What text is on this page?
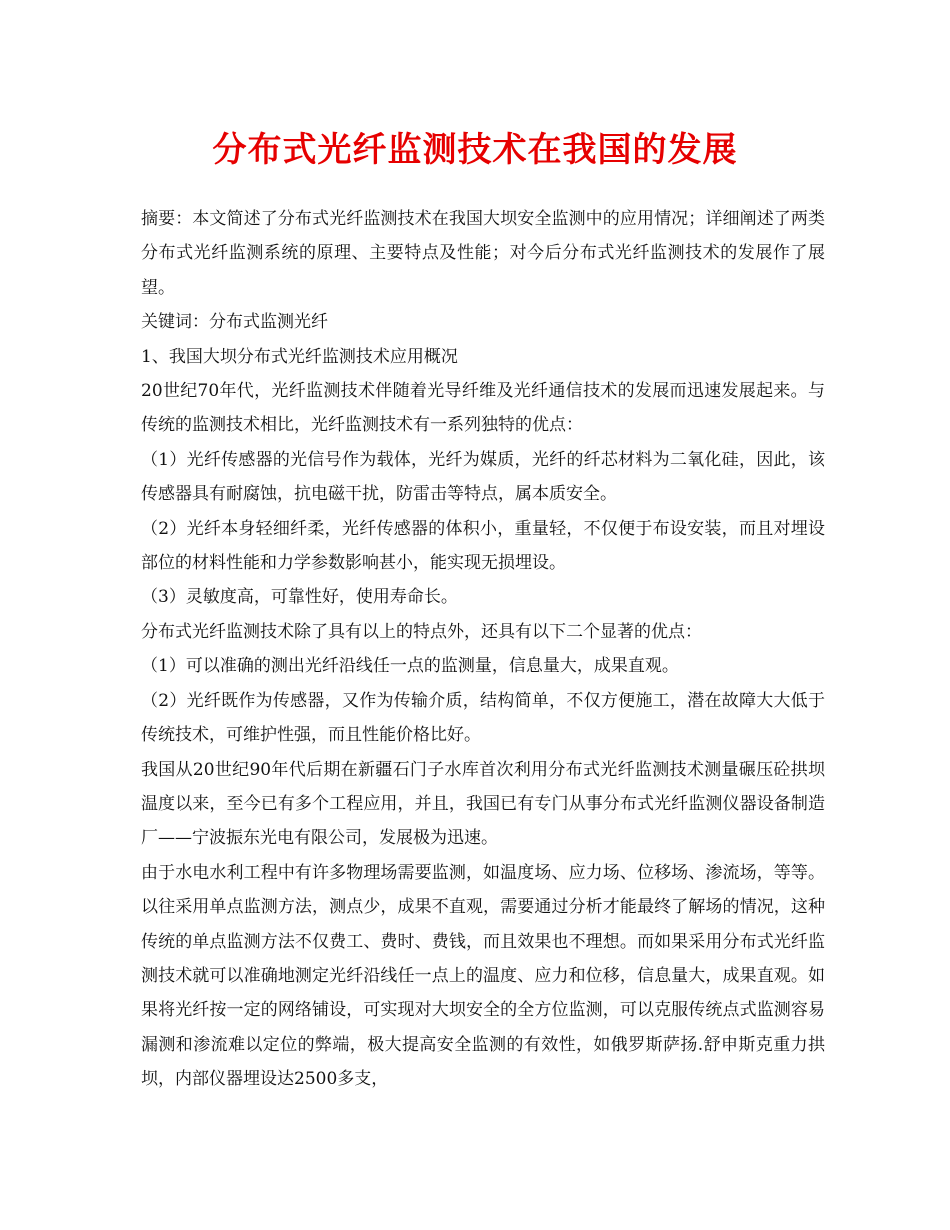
分布式光纤监测技术在我国的发展

摘要：本文简述了分布式光纤监测技术在我国大坝安全监测中的应用情况；详细阐述了两类分布式光纤监测系统的原理、主要特点及性能；对今后分布式光纤监测技术的发展作了展望。

关键词：分布式监测光纤

1、我国大坝分布式光纤监测技术应用概况

20世纪70年代，光纤监测技术伴随着光导纤维及光纤通信技术的发展而迅速发展起来。与传统的监测技术相比，光纤监测技术有一系列独特的优点：

（1）光纤传感器的光信号作为载体，光纤为媒质，光纤的纤芯材料为二氧化硅，因此，该传感器具有耐腐蚀，抗电磁干扰，防雷击等特点，属本质安全。

（2）光纤本身轻细纤柔，光纤传感器的体积小，重量轻，不仅便于布设安装，而且对埋设部位的材料性能和力学参数影响甚小，能实现无损埋设。

（3）灵敏度高，可靠性好，使用寿命长。

分布式光纤监测技术除了具有以上的特点外，还具有以下二个显著的优点：

（1）可以准确的测出光纤沿线任一点的监测量，信息量大，成果直观。

（2）光纤既作为传感器，又作为传输介质，结构简单，不仅方便施工，潜在故障大大低于传统技术，可维护性强，而且性能价格比好。

我国从20世纪90年代后期在新疆石门子水库首次利用分布式光纤监测技术测量碾压砼拱坝温度以来，至今已有多个工程应用，并且，我国已有专门从事分布式光纤监测仪器设备制造厂——宁波振东光电有限公司，发展极为迅速。

由于水电水利工程中有许多物理场需要监测，如温度场、应力场、位移场、渗流场，等等。以往采用单点监测方法，测点少，成果不直观，需要通过分析才能最终了解场的情况，这种传统的单点监测方法不仅费工、费时、费钱，而且效果也不理想。而如果采用分布式光纤监测技术就可以准确地测定光纤沿线任一点上的温度、应力和位移，信息量大，成果直观。如果将光纤按一定的网络铺设，可实现对大坝安全的全方位监测，可以克服传统点式监测容易漏测和渗流难以定位的弊端，极大提高安全监测的有效性，如俄罗斯萨扬.舒申斯克重力拱坝，内部仪器埋设达2500多支，
